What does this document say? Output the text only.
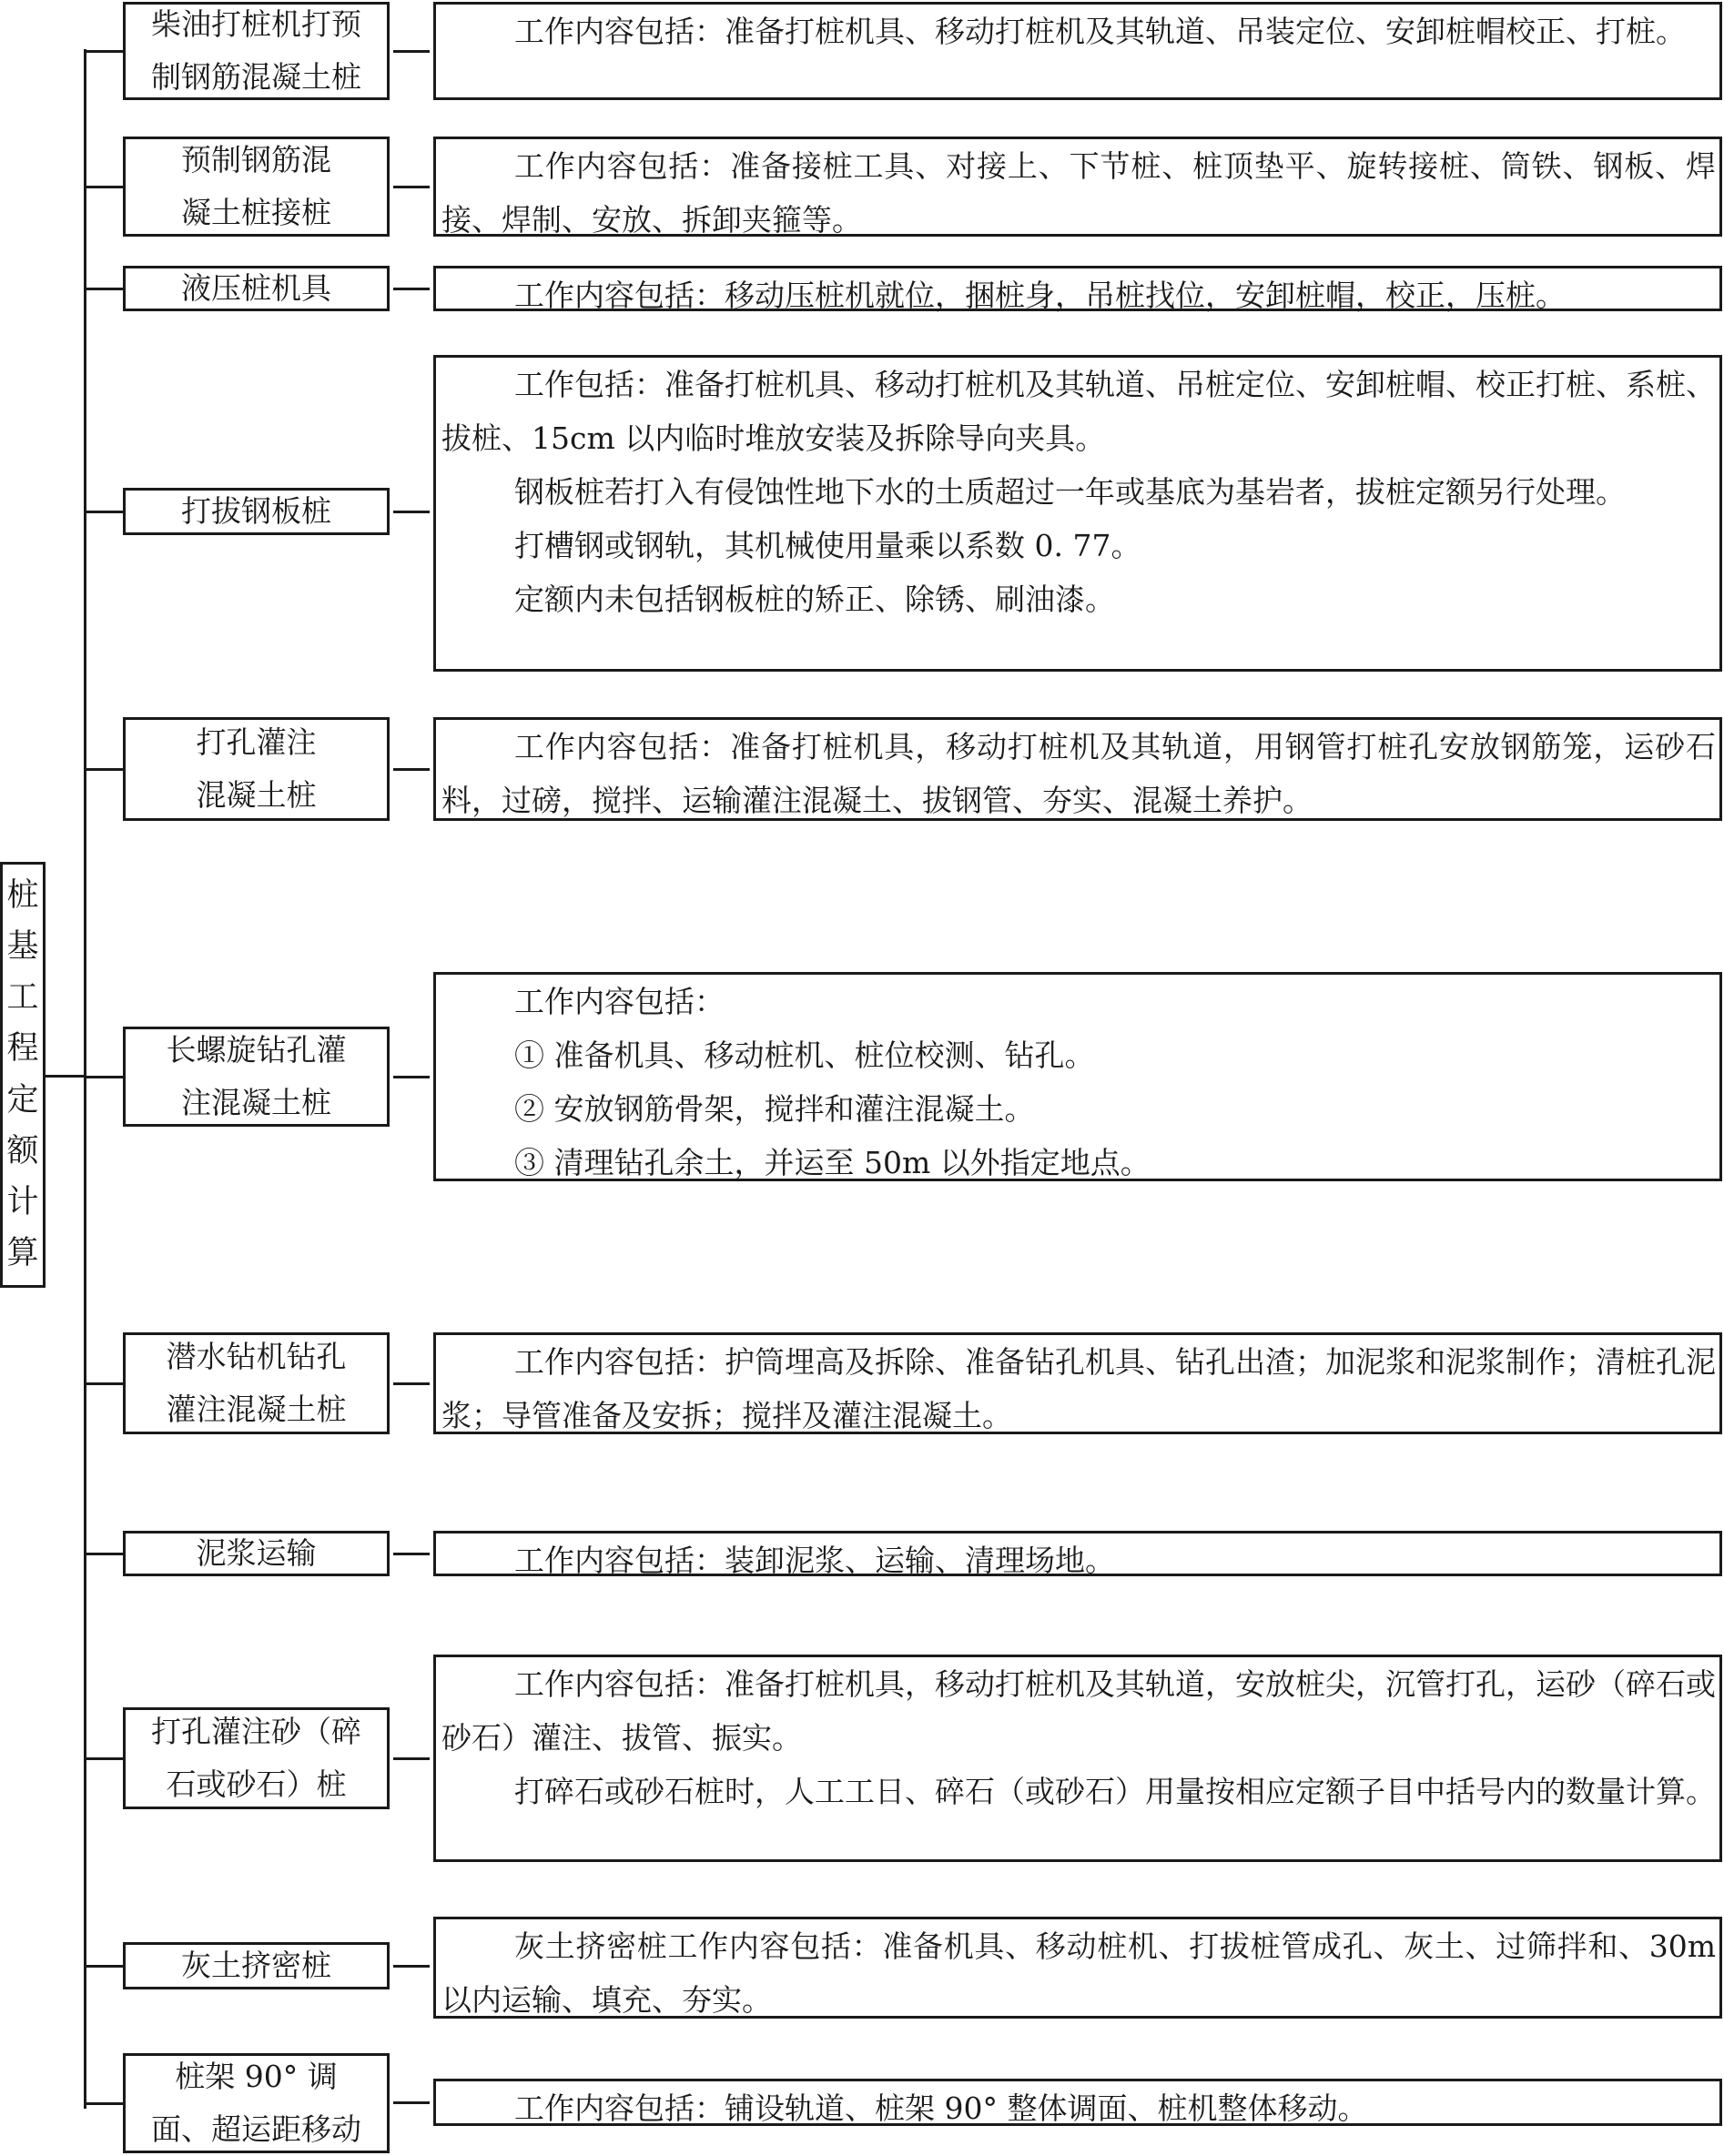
桩
基
工
程
定
额
计
算
柴油打桩机打预
制钢筋混凝土桩

工作内容包括：准备打桩机具、移动打桩机及其轨道、吊装定位、安卸桩帽校正、打桩。

预制钢筋混
凝土桩接桩

工作内容包括：准备接桩工具、对接上、下节桩、桩顶垫平、旋转接桩、筒铁、钢板、焊接、焊制、安放、拆卸夹箍等。

液压桩机具	工作内容包括：移动压桩机就位，捆桩身，吊桩找位，安卸桩帽，校正，压桩。

打拔钢板桩

工作包括：准备打桩机具、移动打桩机及其轨道、吊桩定位、安卸桩帽、校正打桩、系桩、拔桩、15cm 以内临时堆放安装及拆除导向夹具。

钢板桩若打入有侵蚀性地下水的土质超过一年或基底为基岩者，拔桩定额另行处理。

打槽钢或钢轨，其机械使用量乘以系数 0. 77。

定额内未包括钢板桩的矫正、除锈、刷油漆。

打孔灌注
混凝土桩

工作内容包括：准备打桩机具，移动打桩机及其轨道，用钢管打桩孔安放钢筋笼，运砂石料，过磅，搅拌、运输灌注混凝土、拔钢管、夯实、混凝土养护。

长螺旋钻孔灌
注混凝土桩

工作内容包括：

① 准备机具、移动桩机、桩位校测、钻孔。

② 安放钢筋骨架，搅拌和灌注混凝土。

③ 清理钻孔余土，并运至 50m 以外指定地点。

潜水钻机钻孔
灌注混凝土桩

工作内容包括：护筒埋高及拆除、准备钻孔机具、钻孔出渣；加泥浆和泥浆制作；清桩孔泥浆；导管准备及安拆；搅拌及灌注混凝土。

泥浆运输	工作内容包括：装卸泥浆、运输、清理场地。

打孔灌注砂（碎
石或砂石）桩

工作内容包括：准备打桩机具，移动打桩机及其轨道，安放桩尖，沉管打孔，运砂（碎石或砂石）灌注、拔管、振实。

打碎石或砂石桩时，人工工日、碎石（或砂石）用量按相应定额子目中括号内的数量计算。

灰土挤密桩

灰土挤密桩工作内容包括：准备机具、移动桩机、打拔桩管成孔、灰土、过筛拌和、30m 以内运输、填充、夯实。

桩架 90° 调
面、超运距移动

工作内容包括：铺设轨道、桩架 90° 整体调面、桩机整体移动。
